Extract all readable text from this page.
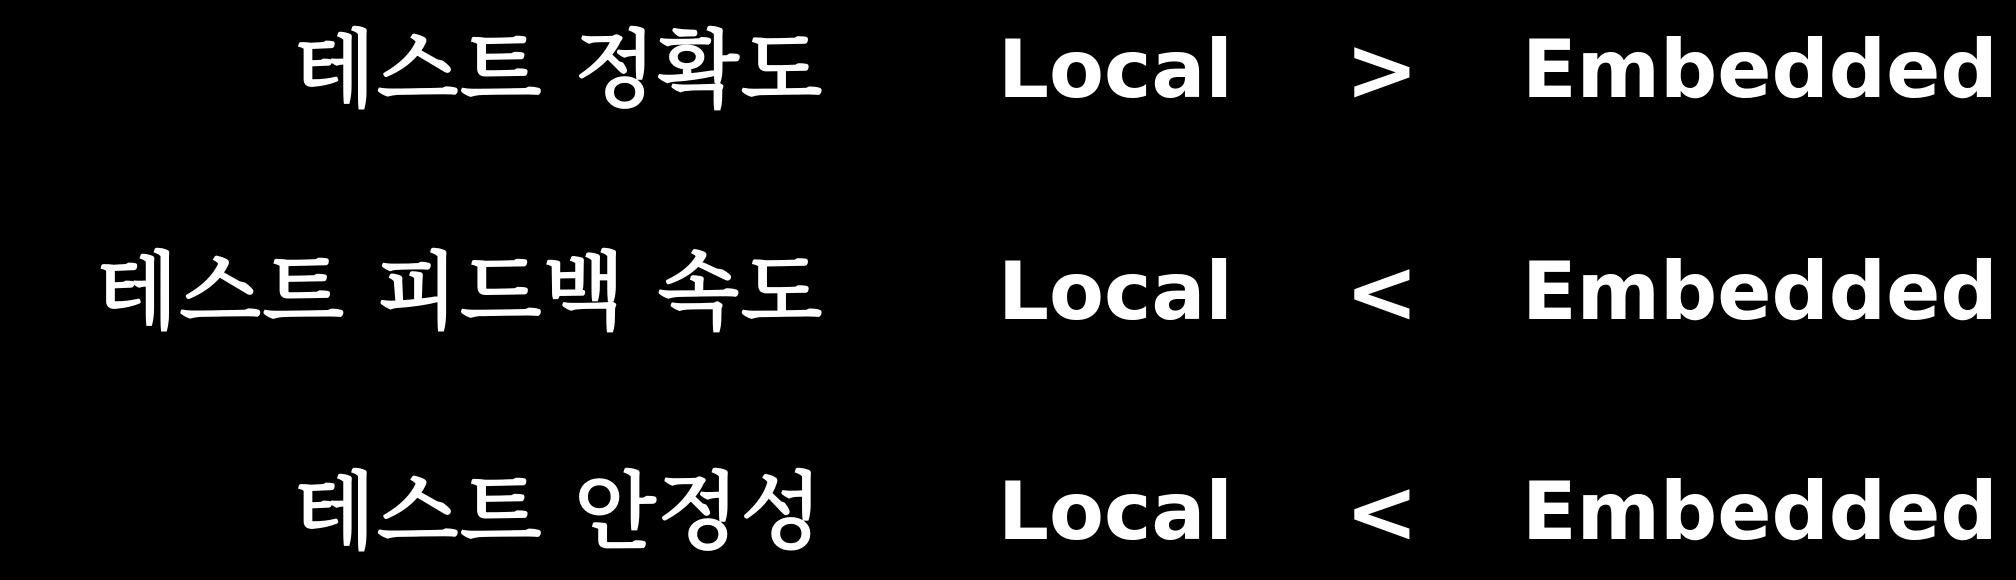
테스트 정확도 Local > Embedded
테스트 피드백 속도 Local < Embedded
테스트 안정성 Local < Embedded
